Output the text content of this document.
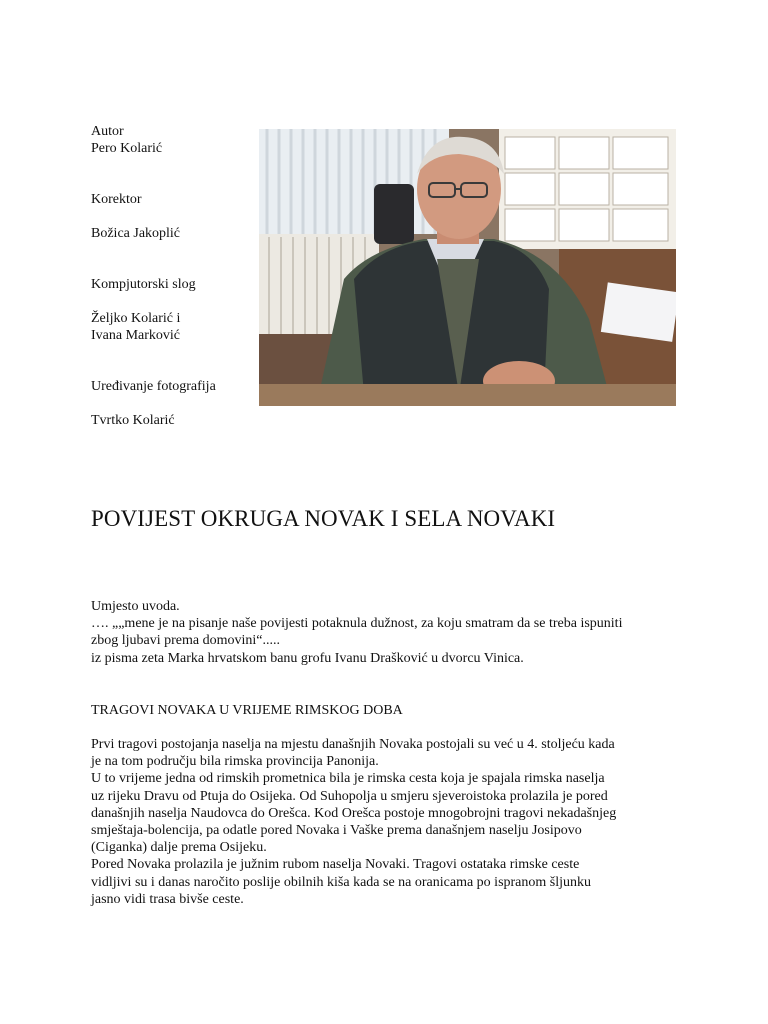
Autor

Pero Kolarić

Korektor

Božica Jakoplić

Kompjutorski slog

Željko Kolarić i

Ivana Marković

Uređivanje fotografija

Tvrtko Kolarić

POVIJEST OKRUGA NOVAK I SELA NOVAKI

Umjesto uvoda.

…. „„mene je na pisanje naše povijesti potaknula dužnost, za koju smatram da se treba ispuniti

zbog ljubavi prema domovini“.....

iz pisma zeta Marka hrvatskom banu grofu Ivanu Drašković u dvorcu Vinica.

TRAGOVI NOVAKA U VRIJEME RIMSKOG DOBA

Prvi tragovi postojanja naselja na mjestu današnjih Novaka postojali su već u 4. stoljeću kada

je na tom području bila rimska provincija Panonija.

U to vrijeme jedna od rimskih prometnica bila je rimska cesta koja je spajala rimska naselja

uz rijeku Dravu od Ptuja do Osijeka. Od Suhopolja u smjeru sjeveroistoka prolazila je pored

današnjih naselja Naudovca do Orešca. Kod Orešca postoje mnogobrojni tragovi nekadašnjeg

smještaja-bolencija, pa odatle pored Novaka i Vaške prema današnjem naselju Josipovo

(Ciganka) dalje prema Osijeku.

Pored Novaka prolazila je južnim rubom naselja Novaki. Tragovi ostataka rimske ceste

vidljivi su i danas naročito poslije obilnih kiša kada se na oranicama po ispranom šljunku

jasno vidi trasa bivše ceste.
